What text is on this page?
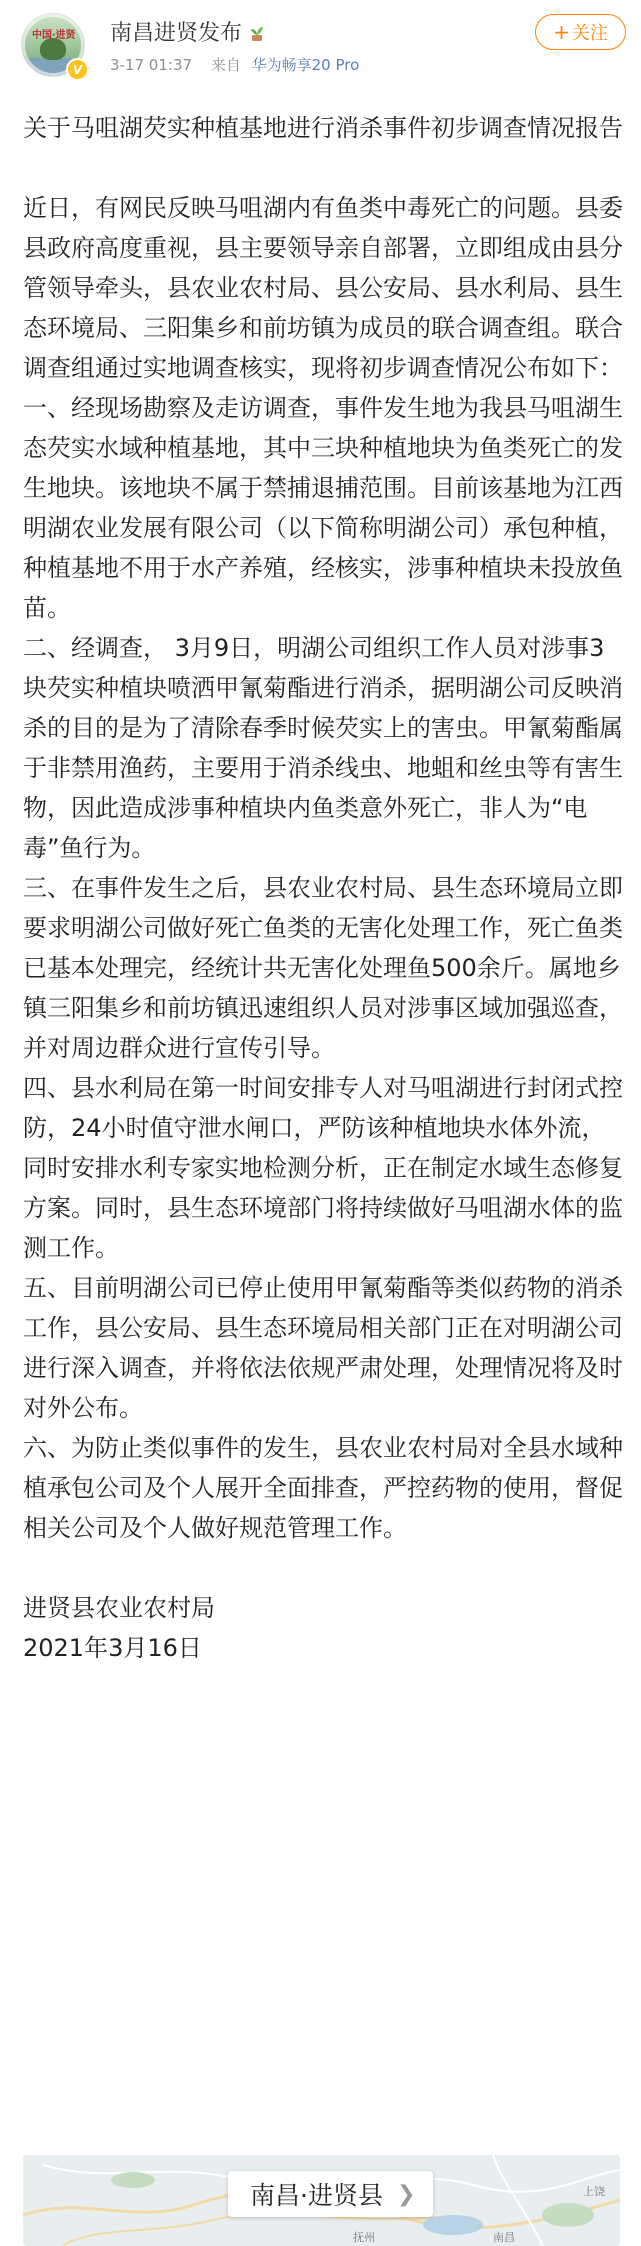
中国·进贤
V
南昌进贤发布
3-17 01:37 来自 华为畅享20 Pro
+ 关注

关于马咀湖芡实种植基地进行消杀事件初步调查情况报告

近日，有网民反映马咀湖内有鱼类中毒死亡的问题。县委县政府高度重视，县主要领导亲自部署，立即组成由县分管领导牵头，县农业农村局、县公安局、县水利局、县生态环境局、三阳集乡和前坊镇为成员的联合调查组。联合调查组通过实地调查核实，现将初步调查情况公布如下：

一、经现场勘察及走访调查，事件发生地为我县马咀湖生态芡实水域种植基地，其中三块种植地块为鱼类死亡的发生地块。该地块不属于禁捕退捕范围。目前该基地为江西明湖农业发展有限公司（以下简称明湖公司）承包种植，种植基地不用于水产养殖，经核实，涉事种植块未投放鱼苗。

二、经调查， 3月9日，明湖公司组织工作人员对涉事3块芡实种植块喷洒甲氰菊酯进行消杀，据明湖公司反映消杀的目的是为了清除春季时候芡实上的害虫。甲氰菊酯属于非禁用渔药，主要用于消杀线虫、地蛆和丝虫等有害生物，因此造成涉事种植块内鱼类意外死亡，非人为“电毒”鱼行为。

三、在事件发生之后，县农业农村局、县生态环境局立即要求明湖公司做好死亡鱼类的无害化处理工作，死亡鱼类已基本处理完，经统计共无害化处理鱼500余斤。属地乡镇三阳集乡和前坊镇迅速组织人员对涉事区域加强巡查，并对周边群众进行宣传引导。

四、县水利局在第一时间安排专人对马咀湖进行封闭式控防，24小时值守泄水闸口，严防该种植地块水体外流，同时安排水利专家实地检测分析，正在制定水域生态修复方案。同时，县生态环境部门将持续做好马咀湖水体的监测工作。

五、目前明湖公司已停止使用甲氰菊酯等类似药物的消杀工作，县公安局、县生态环境局相关部门正在对明湖公司进行深入调查，并将依法依规严肃处理，处理情况将及时对外公布。

六、为防止类似事件的发生，县农业农村局对全县水域种植承包公司及个人展开全面排查，严控药物的使用，督促相关公司及个人做好规范管理工作。

进贤县农业农村局

2021年3月16日

南昌
上饶
抚州
南昌·进贤县 ❯
